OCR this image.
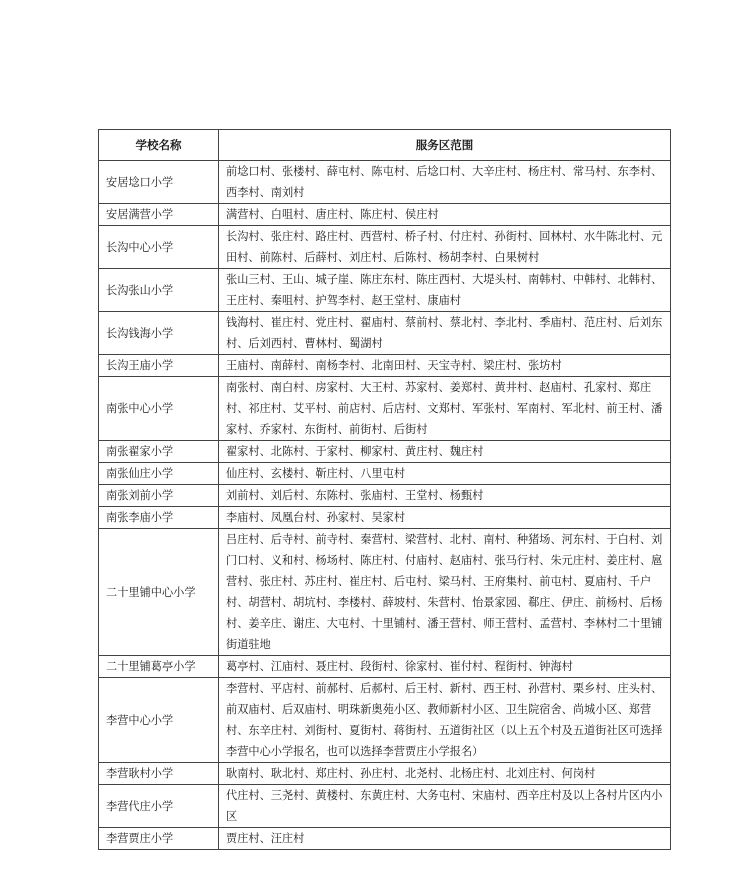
学校名称	服务区范围
安居埝口小学	前埝口村、张楼村、薛屯村、陈屯村、后埝口村、大辛庄村、杨庄村、常马村、东李村、西李村、南刘村
安居满营小学	满营村、白咀村、唐庄村、陈庄村、侯庄村
长沟中心小学	长沟村、张庄村、路庄村、西营村、桥子村、付庄村、孙街村、回林村、水牛陈北村、元田村、前陈村、后薛村、刘庄村、后陈村、杨胡李村、白果树村
长沟张山小学	张山三村、王山、城子崖、陈庄东村、陈庄西村、大堤头村、南韩村、中韩村、北韩村、王庄村、秦咀村、护驾李村、赵王堂村、康庙村
长沟钱海小学	钱海村、崔庄村、党庄村、翟庙村、蔡前村、蔡北村、李北村、季庙村、范庄村、后刘东村、后刘西村、曹林村、蜀湖村
长沟王庙小学	王庙村、南薛村、南杨李村、北南田村、天宝寺村、梁庄村、张坊村
南张中心小学	南张村、南白村、房家村、大王村、苏家村、姜郑村、黄井村、赵庙村、孔家村、郑庄村、祁庄村、艾平村、前店村、后店村、文郑村、军张村、军南村、军北村、前王村、潘家村、乔家村、东街村、前街村、后街村
南张翟家小学	翟家村、北陈村、于家村、柳家村、黄庄村、魏庄村
南张仙庄小学	仙庄村、玄楼村、靳庄村、八里屯村
南张刘前小学	刘前村、刘后村、东陈村、张庙村、王堂村、杨甄村
南张李庙小学	李庙村、凤凰台村、孙家村、吴家村
二十里铺中心小学	吕庄村、后寺村、前寺村、秦营村、梁营村、北村、南村、种猪场、河东村、于白村、刘门口村、义和村、杨场村、陈庄村、付庙村、赵庙村、张马行村、朱元庄村、姜庄村、扈营村、张庄村、苏庄村、崔庄村、后屯村、梁马村、王府集村、前屯村、夏庙村、千户村、胡营村、胡坑村、李楼村、薛坡村、朱营村、怡景家园、郗庄、伊庄、前杨村、后杨村、姜辛庄、谢庄、大屯村、十里铺村、潘王营村、师王营村、孟营村、李林村二十里铺街道驻地
二十里铺葛亭小学	葛亭村、江庙村、聂庄村、段街村、徐家村、崔付村、程街村、钟海村
李营中心小学	李营村、平店村、前郝村、后郝村、后王村、新村、西王村、孙营村、栗乡村、庄头村、前双庙村、后双庙村、明珠新奥苑小区、教师新村小区、卫生院宿舍、尚城小区、郑营村、东辛庄村、刘街村、夏街村、蒋街村、五道街社区（以上五个村及五道街社区可选择李营中心小学报名，也可以选择李营贾庄小学报名）
李营耿村小学	耿南村、耿北村、郑庄村、孙庄村、北尧村、北杨庄村、北刘庄村、何岗村
李营代庄小学	代庄村、三尧村、黄楼村、东黄庄村、大务屯村、宋庙村、西辛庄村及以上各村片区内小区
李营贾庄小学	贾庄村、汪庄村
